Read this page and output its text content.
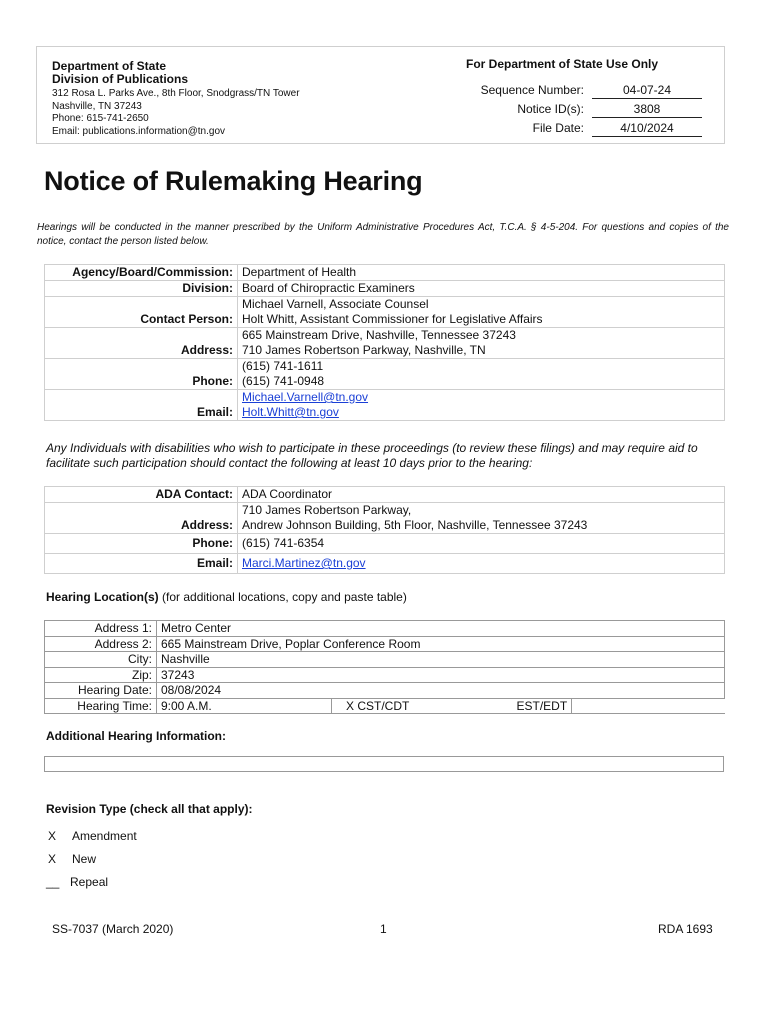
Department of State
Division of Publications
312 Rosa L. Parks Ave., 8th Floor, Snodgrass/TN Tower
Nashville, TN 37243
Phone: 615-741-2650
Email: publications.information@tn.gov
For Department of State Use Only
Sequence Number:	04-07-24
Notice ID(s):	3808
File Date:	4/10/2024
Notice of Rulemaking Hearing
Hearings will be conducted in the manner prescribed by the Uniform Administrative Procedures Act, T.C.A. § 4-5-204. For questions and copies of the notice, contact the person listed below.
Agency/Board/Commission:	Department of Health
Division:	Board of Chiropractic Examiners
Contact Person:	Michael Varnell, Associate Counsel
Holt Whitt, Assistant Commissioner for Legislative Affairs

Address:	665 Mainstream Drive, Nashville, Tennessee 37243
710 James Robertson Parkway, Nashville, TN

Phone:	(615) 741-1611
(615) 741-0948

Email:	Michael.Varnell@tn.gov
Holt.Whitt@tn.gov
Any Individuals with disabilities who wish to participate in these proceedings (to review these filings) and may require aid to facilitate such participation should contact the following at least 10 days prior to the hearing:
ADA Contact:	ADA Coordinator
Address:	710 James Robertson Parkway,
Andrew Johnson Building, 5th Floor, Nashville, Tennessee 37243

Phone:	(615) 741-6354
Email:	Marci.Martinez@tn.gov
Hearing Location(s) (for additional locations, copy and paste table)
Address 1:	Metro Center		
Address 2:	665 Mainstream Drive, Poplar Conference Room		
City:	Nashville		
Zip:	37243		
Hearing Date:	08/08/2024		
Hearing Time:	9:00 A.M.	X CST/CDT	EST/EDT
Additional Hearing Information:
Revision Type (check all that apply):
X Amendment
X New
__ Repeal
SS-7037 (March 2020)	1	RDA 1693
